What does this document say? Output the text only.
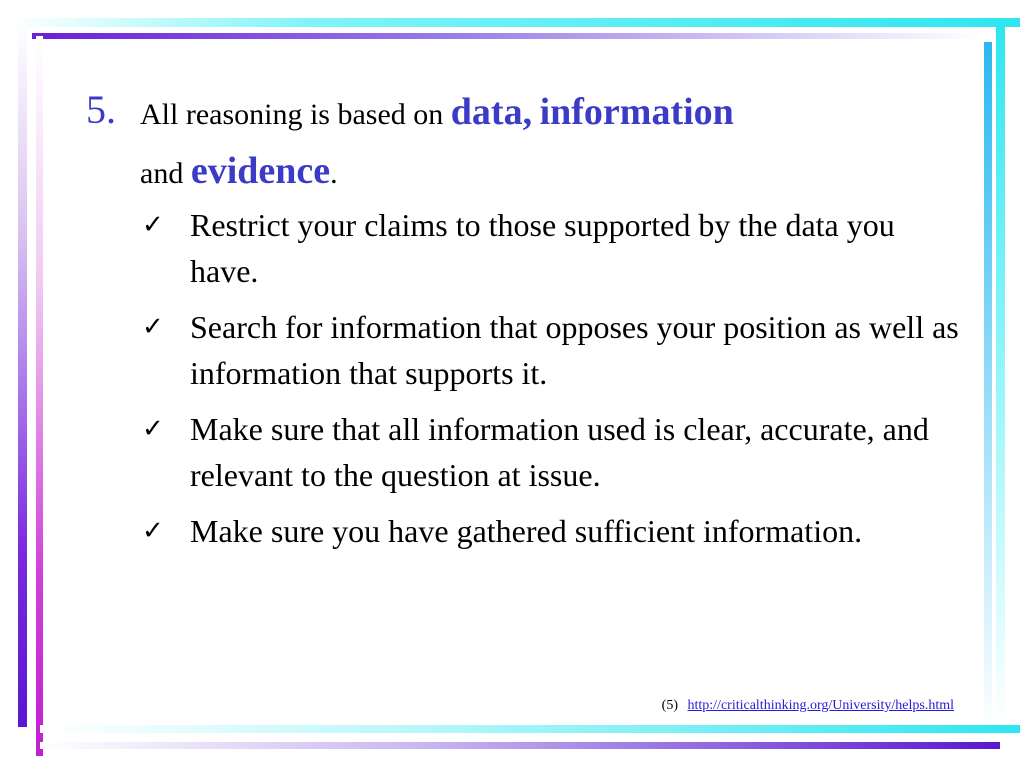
5. All reasoning is based on data, information
and evidence.
✓ Restrict your claims to those supported by the data you have.
✓ Search for information that opposes your position as well as information that supports it.
✓ Make sure that all information used is clear, accurate, and relevant to the question at issue.
✓ Make sure you have gathered sufficient information.
(5) http://criticalthinking.org/University/helps.html
